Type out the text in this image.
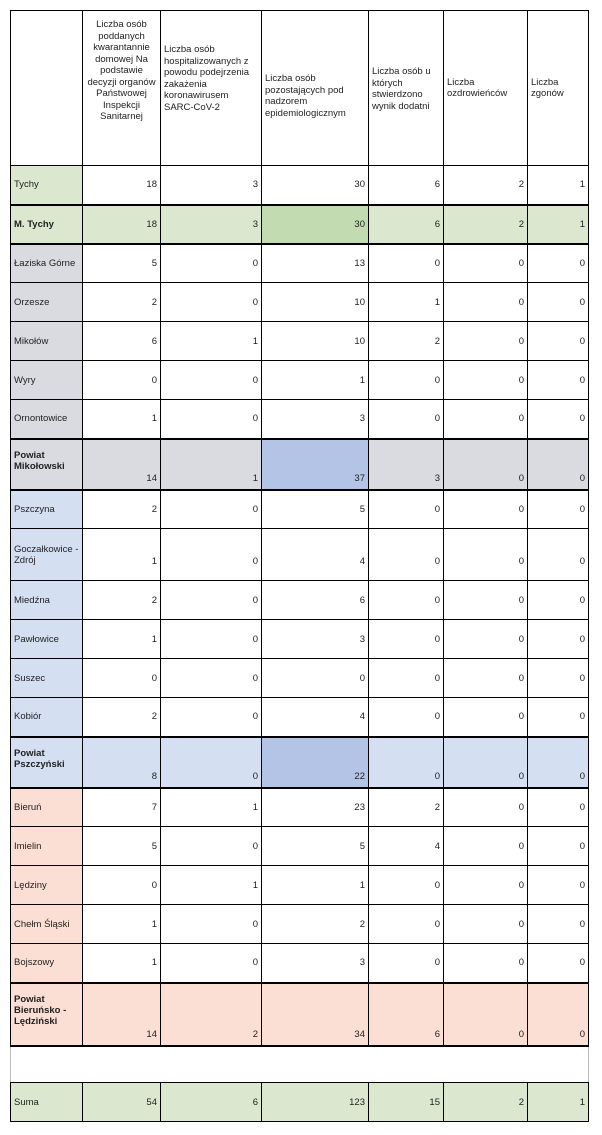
	Liczba osób poddanych kwarantannie domowej Na podstawie decyzji organów Państwowej Inspekcji Sanitarnej	Liczba osób hospitalizowanych z powodu podejrzenia zakażenia koronawirusem SARC-CoV-2	Liczba osób pozostających pod nadzorem epidemiologicznym	Liczba osób u których stwierdzono wynik dodatni	Liczba ozdrowieńców	Liczba zgonów
Tychy	18	3	30	6	2	1
M. Tychy	18	3	30	6	2	1
Łaziska Górne	5	0	13	0	0	0
Orzesze	2	0	10	1	0	0
Mikołów	6	1	10	2	0	0
Wyry	0	0	1	0	0	0
Ornontowice	1	0	3	0	0	0
Powiat Mikołowski	14	1	37	3	0	0
Pszczyna	2	0	5	0	0	0
Goczałkowice - Zdrój	1	0	4	0	0	0
Miedźna	2	0	6	0	0	0
Pawłowice	1	0	3	0	0	0
Suszec	0	0	0	0	0	0
Kobiór	2	0	4	0	0	0
Powiat Pszczyński	8	0	22	0	0	0
Bieruń	7	1	23	2	0	0
Imielin	5	0	5	4	0	0
Lędziny	0	1	1	0	0	0
Chełm Śląski	1	0	2	0	0	0
Bojszowy	1	0	3	0	0	0
Powiat Bieruńsko - Lędziński	14	2	34	6	0	0

Suma	54	6	123	15	2	1
